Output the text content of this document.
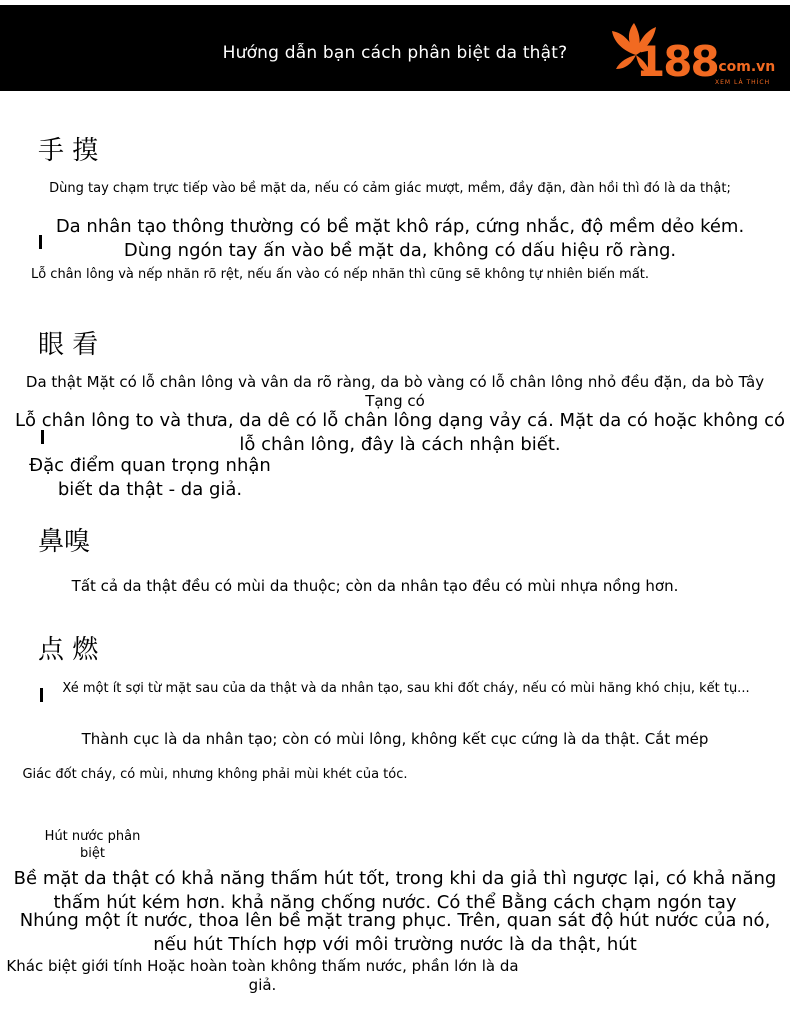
Hướng dẫn bạn cách phân biệt da thật?	188
.com.vn
XEM LÀ THÍCH
手 摸
Dùng tay chạm trực tiếp vào bề mặt da, nếu có cảm giác mượt, mềm, đầy đặn, đàn hồi thì đó là da thật;
Da nhân tạo thông thường có bề mặt khô ráp, cứng nhắc, độ mềm dẻo kém. Dùng ngón tay ấn vào bề mặt da, không có dấu hiệu rõ ràng.
Lỗ chân lông và nếp nhăn rõ rệt, nếu ấn vào có nếp nhăn thì cũng sẽ không tự nhiên biến mất.
眼 看
Da thật Mặt có lỗ chân lông và vân da rõ ràng, da bò vàng có lỗ chân lông nhỏ đều đặn, da bò Tây Tạng có
Lỗ chân lông to và thưa, da dê có lỗ chân lông dạng vảy cá. Mặt da có hoặc không có lỗ chân lông, đây là cách nhận biết.
Đặc điểm quan trọng nhận biết da thật - da giả.
鼻嗅
Tất cả da thật đều có mùi da thuộc; còn da nhân tạo đều có mùi nhựa nồng hơn.
点 燃
Xé một ít sợi từ mặt sau của da thật và da nhân tạo, sau khi đốt cháy, nếu có mùi hăng khó chịu, kết tụ...
Thành cục là da nhân tạo; còn có mùi lông, không kết cục cứng là da thật. Cắt mép
Giác đốt cháy, có mùi, nhưng không phải mùi khét của tóc.
Hút nước phân biệt
Bề mặt da thật có khả năng thấm hút tốt, trong khi da giả thì ngược lại, có khả năng thấm hút kém hơn. khả năng chống nước. Có thể Bằng cách chạm ngón tay
Nhúng một ít nước, thoa lên bề mặt trang phục. Trên, quan sát độ hút nước của nó, nếu hút Thích hợp với môi trường nước là da thật, hút
Khác biệt giới tính Hoặc hoàn toàn không thấm nước, phần lớn là da giả.
